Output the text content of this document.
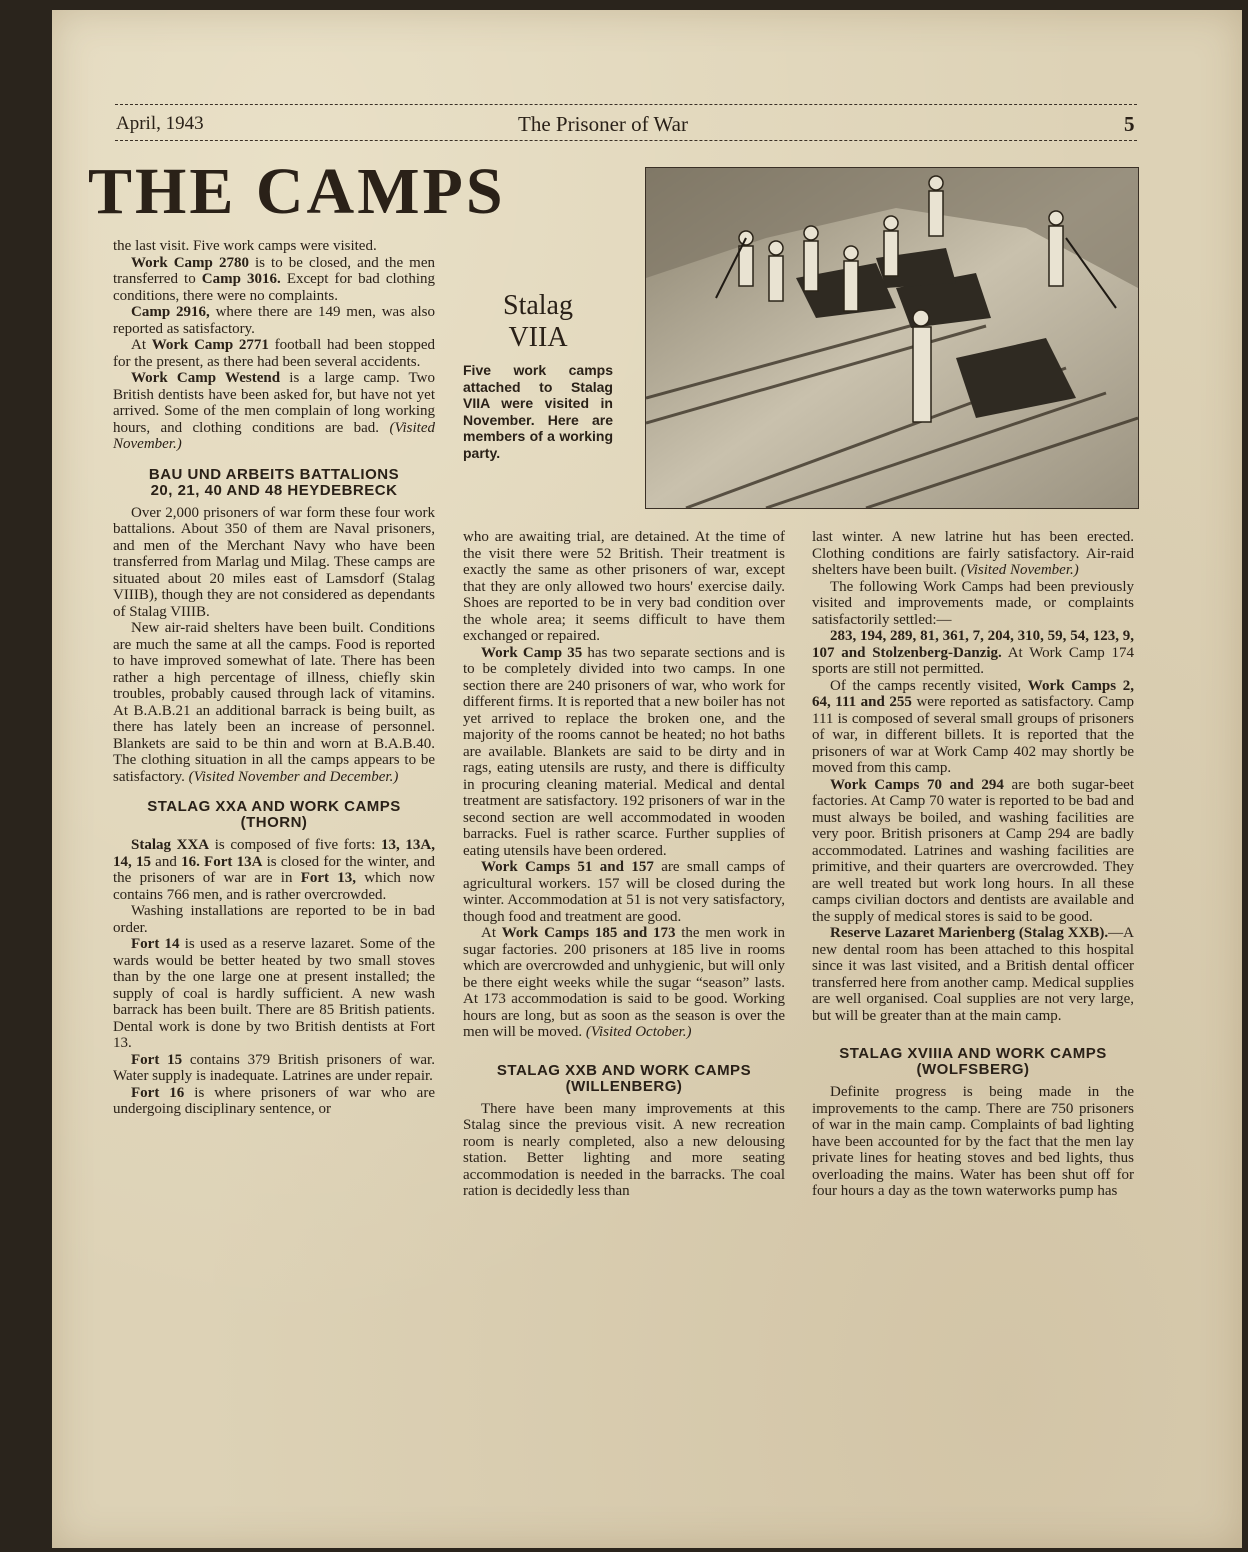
April, 1943	The Prisoner of War	5
THE CAMPS
Stalag
VIIA
Five work camps attached to Stalag VIIA were visited in November. Here are members of a working party.

the last visit. Five work camps were visited.

Work Camp 2780 is to be closed, and the men transferred to Camp 3016. Except for bad clothing conditions, there were no complaints.

Camp 2916, where there are 149 men, was also reported as satisfactory.

At Work Camp 2771 football had been stopped for the present, as there had been several accidents.

Work Camp Westend is a large camp. Two British dentists have been asked for, but have not yet arrived. Some of the men complain of long working hours, and clothing conditions are bad. (Visited November.)

BAU UND ARBEITS BATTALIONS
20, 21, 40 AND 48 HEYDEBRECK

Over 2,000 prisoners of war form these four work battalions. About 350 of them are Naval prisoners, and men of the Merchant Navy who have been transferred from Marlag und Milag. These camps are situated about 20 miles east of Lamsdorf (Stalag VIIIB), though they are not considered as dependants of Stalag VIIIB.

New air-raid shelters have been built. Conditions are much the same at all the camps. Food is reported to have improved somewhat of late. There has been rather a high percentage of illness, chiefly skin troubles, probably caused through lack of vitamins. At B.A.B.21 an additional barrack is being built, as there has lately been an increase of personnel. Blankets are said to be thin and worn at B.A.B.40. The clothing situation in all the camps appears to be satisfactory. (Visited November and December.)

STALAG XXA AND WORK CAMPS
(THORN)

Stalag XXA is composed of five forts: 13, 13A, 14, 15 and 16. Fort 13A is closed for the winter, and the prisoners of war are in Fort 13, which now contains 766 men, and is rather overcrowded.

Washing installations are reported to be in bad order.

Fort 14 is used as a reserve lazaret. Some of the wards would be better heated by two small stoves than by the one large one at present installed; the supply of coal is hardly sufficient. A new wash barrack has been built. There are 85 British patients. Dental work is done by two British dentists at Fort 13.

Fort 15 contains 379 British prisoners of war. Water supply is inadequate. Latrines are under repair.

Fort 16 is where prisoners of war who are undergoing disciplinary sentence, or

who are awaiting trial, are detained. At the time of the visit there were 52 British. Their treatment is exactly the same as other prisoners of war, except that they are only allowed two hours' exercise daily. Shoes are reported to be in very bad condition over the whole area; it seems difficult to have them exchanged or repaired.

Work Camp 35 has two separate sections and is to be completely divided into two camps. In one section there are 240 prisoners of war, who work for different firms. It is reported that a new boiler has not yet arrived to replace the broken one, and the majority of the rooms cannot be heated; no hot baths are available. Blankets are said to be dirty and in rags, eating utensils are rusty, and there is difficulty in procuring cleaning material. Medical and dental treatment are satisfactory. 192 prisoners of war in the second section are well accommodated in wooden barracks. Fuel is rather scarce. Further supplies of eating utensils have been ordered.

Work Camps 51 and 157 are small camps of agricultural workers. 157 will be closed during the winter. Accommodation at 51 is not very satisfactory, though food and treatment are good.

At Work Camps 185 and 173 the men work in sugar factories. 200 prisoners at 185 live in rooms which are overcrowded and unhygienic, but will only be there eight weeks while the sugar “season” lasts. At 173 accommodation is said to be good. Working hours are long, but as soon as the season is over the men will be moved. (Visited October.)

STALAG XXB AND WORK CAMPS
(WILLENBERG)

There have been many improvements at this Stalag since the previous visit. A new recreation room is nearly completed, also a new delousing station. Better lighting and more seating accommodation is needed in the barracks. The coal ration is decidedly less than

last winter. A new latrine hut has been erected. Clothing conditions are fairly satisfactory. Air-raid shelters have been built. (Visited November.)

The following Work Camps had been previously visited and improvements made, or complaints satisfactorily settled:—

283, 194, 289, 81, 361, 7, 204, 310, 59, 54, 123, 9, 107 and Stolzenberg-Danzig. At Work Camp 174 sports are still not permitted.

Of the camps recently visited, Work Camps 2, 64, 111 and 255 were reported as satisfactory. Camp 111 is composed of several small groups of prisoners of war, in different billets. It is reported that the prisoners of war at Work Camp 402 may shortly be moved from this camp.

Work Camps 70 and 294 are both sugar-beet factories. At Camp 70 water is reported to be bad and must always be boiled, and washing facilities are very poor. British prisoners at Camp 294 are badly accommodated. Latrines and washing facilities are primitive, and their quarters are overcrowded. They are well treated but work long hours. In all these camps civilian doctors and dentists are available and the supply of medical stores is said to be good.

Reserve Lazaret Marienberg (Stalag XXB).—A new dental room has been attached to this hospital since it was last visited, and a British dental officer transferred here from another camp. Medical supplies are well organised. Coal supplies are not very large, but will be greater than at the main camp.

STALAG XVIIIA AND WORK CAMPS
(WOLFSBERG)

Definite progress is being made in the improvements to the camp. There are 750 prisoners of war in the main camp. Complaints of bad lighting have been accounted for by the fact that the men lay private lines for heating stoves and bed lights, thus overloading the mains. Water has been shut off for four hours a day as the town waterworks pump has
